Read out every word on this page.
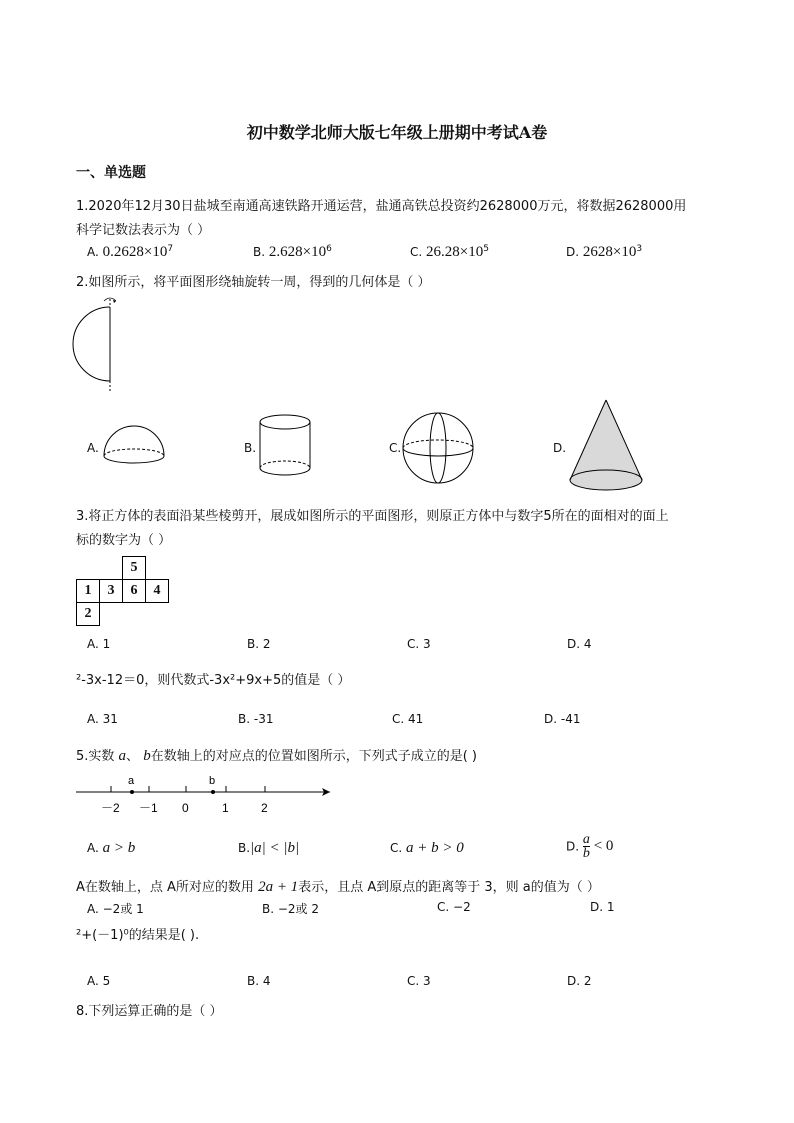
初中数学北师大版七年级上册期中考试A卷
一、单选题
1.2020年12月30日盐城至南通高速铁路开通运营，盐通高铁总投资约2628000万元，将数据2628000用
科学记数法表示为（ ）
A. $0.2628\times 10^7$	B. $2.628\times 10^6$	C. $26.28\times 10^5$	D. $2628\times 10^3$
2.如图所示，将平面图形绕轴旋转一周，得到的几何体是（ ）
A.	B.	C.	D.
3.将正方体的表面沿某些棱剪开，展成如图所示的平面图形，则原正方体中与数字5所在的面相对的面上
标的数字为（ ）
		5	
1	3	6	4
2			
A. 1	B. 2	C. 3	D. 4
²-3x-12＝0，则代数式-3x²+9x+5的值是（ ）
A. 31	B. -31	C. 41	D. -41
5.实数 a、 b在数轴上的对应点的位置如图所示，下列式子成立的是( )
a	b
－2 －1 0	1	2
A. a > b	B.|a| < |b|	C. a + b > 0	D. $\frac{a}{b} < 0$
A在数轴上，点 A所对应的数用 2a + 1表示，且点 A到原点的距离等于 3，则 a的值为（ ）
A. −2或 1	B. −2或 2	C. −2	D. 1
²+(－1)⁰的结果是( ).
A. 5	B. 4	C. 3	D. 2
8.下列运算正确的是（ ）
